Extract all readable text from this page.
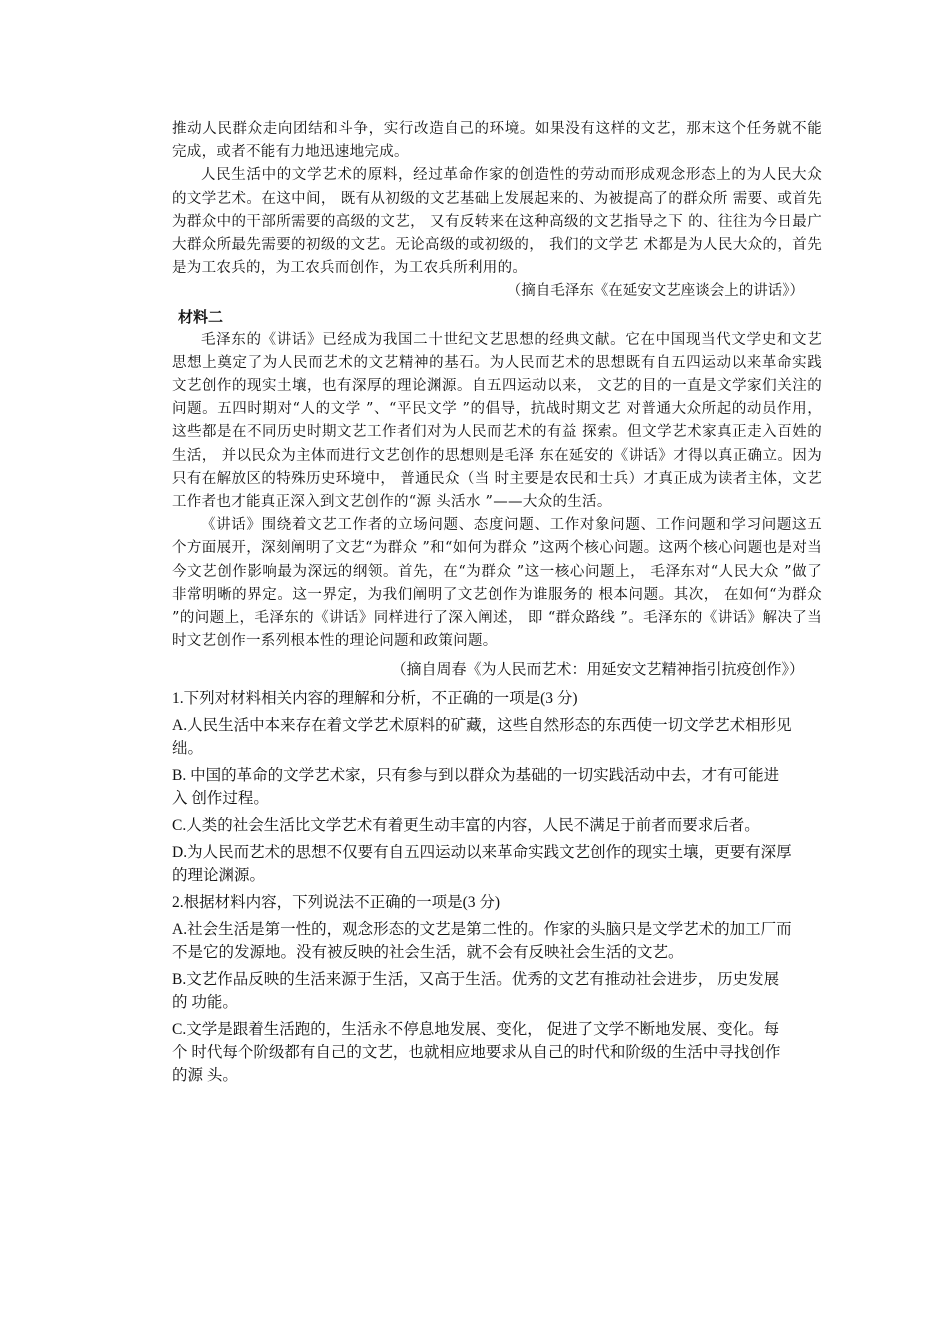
推动人民群众走向团结和斗争，实行改造自己的环境。如果没有这样的文艺，那末这个任务就不能完成，或者不能有力地迅速地完成。

人民生活中的文学艺术的原料，经过革命作家的创造性的劳动而形成观念形态上的为人民大众的文学艺术。在这中间， 既有从初级的文艺基础上发展起来的、为被提高了的群众所 需要、或首先为群众中的干部所需要的高级的文艺， 又有反转来在这种高级的文艺指导之下 的、往往为今日最广大群众所最先需要的初级的文艺。无论高级的或初级的， 我们的文学艺 术都是为人民大众的，首先是为工农兵的，为工农兵而创作，为工农兵所利用的。

（摘自毛泽东《在延安文艺座谈会上的讲话》）

材料二

毛泽东的《讲话》已经成为我国二十世纪文艺思想的经典文献。它在中国现当代文学史和文艺思想上奠定了为人民而艺术的文艺精神的基石。为人民而艺术的思想既有自五四运动以来革命实践文艺创作的现实土壤，也有深厚的理论渊源。自五四运动以来， 文艺的目的一直是文学家们关注的问题。五四时期对“人的文学 ”、“平民文学 ”的倡导，抗战时期文艺 对普通大众所起的动员作用，这些都是在不同历史时期文艺工作者们对为人民而艺术的有益 探索。但文学艺术家真正走入百姓的生活， 并以民众为主体而进行文艺创作的思想则是毛泽 东在延安的《讲话》才得以真正确立。因为只有在解放区的特殊历史环境中， 普通民众（当 时主要是农民和士兵）才真正成为读者主体，文艺工作者也才能真正深入到文艺创作的“源 头活水 ”——大众的生活。

《讲话》围绕着文艺工作者的立场问题、态度问题、工作对象问题、工作问题和学习问题这五个方面展开，深刻阐明了文艺“为群众 ”和“如何为群众 ”这两个核心问题。这两个核心问题也是对当今文艺创作影响最为深远的纲领。首先，在“为群众 ”这一核心问题上， 毛泽东对“人民大众 ”做了非常明晰的界定。这一界定，为我们阐明了文艺创作为谁服务的 根本问题。其次， 在如何“为群众 ”的问题上，毛泽东的《讲话》同样进行了深入阐述， 即 “群众路线 ”。毛泽东的《讲话》解决了当时文艺创作一系列根本性的理论问题和政策问题。

（摘自周春《为人民而艺术：用延安文艺精神指引抗疫创作》）

1.下列对材料相关内容的理解和分析，不正确的一项是(3 分)

A.人民生活中本来存在着文学艺术原料的矿藏，这些自然形态的东西使一切文学艺术相形见 绌。

B. 中国的革命的文学艺术家，只有参与到以群众为基础的一切实践活动中去，才有可能进入 创作过程。

C.人类的社会生活比文学艺术有着更生动丰富的内容，人民不满足于前者而要求后者。

D.为人民而艺术的思想不仅要有自五四运动以来革命实践文艺创作的现实土壤，更要有深厚 的理论渊源。

2.根据材料内容，下列说法不正确的一项是(3 分)

A.社会生活是第一性的，观念形态的文艺是第二性的。作家的头脑只是文学艺术的加工厂而 不是它的发源地。没有被反映的社会生活，就不会有反映社会生活的文艺。

B.文艺作品反映的生活来源于生活，又高于生活。优秀的文艺有推动社会进步， 历史发展的 功能。

C.文学是跟着生活跑的，生活永不停息地发展、变化， 促进了文学不断地发展、变化。每个 时代每个阶级都有自己的文艺，也就相应地要求从自己的时代和阶级的生活中寻找创作的源 头。
